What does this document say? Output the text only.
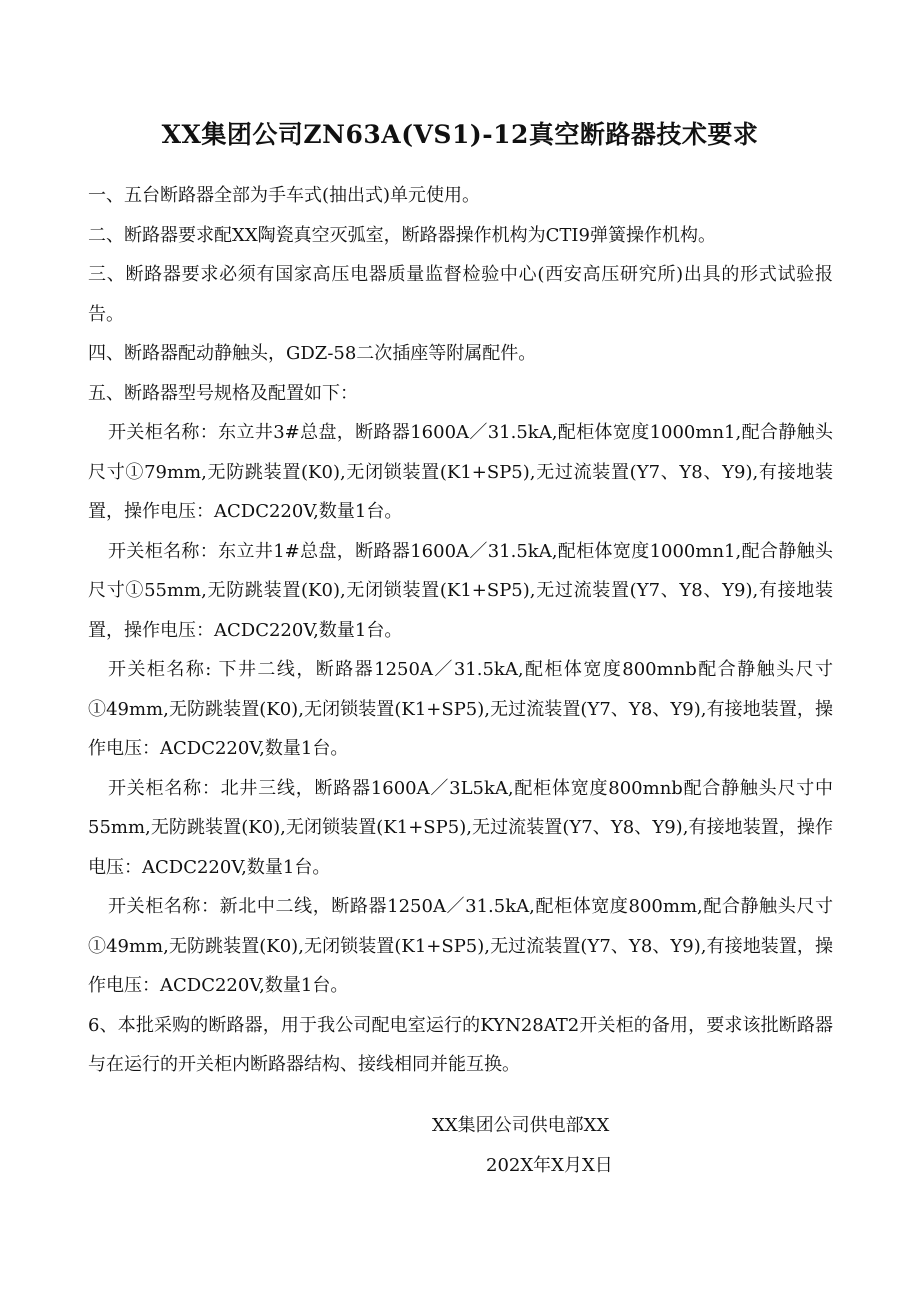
XX集团公司ZN63A(VS1)-12真空断路器技术要求

一、五台断路器全部为手车式(抽出式)单元使用。

二、断路器要求配XX陶瓷真空灭弧室，断路器操作机构为CTI9弹簧操作机构。

三、断路器要求必须有国家高压电器质量监督检验中心(西安高压研究所)出具的形式试验报告。

四、断路器配动静触头，GDZ-58二次插座等附属配件。

五、断路器型号规格及配置如下：

开关柜名称：东立井3#总盘，断路器1600A／31.5kA,配柜体宽度1000mn1,配合静触头尺寸①79mm,无防跳装置(K0),无闭锁装置(K1+SP5),无过流装置(Y7、Y8、Y9),有接地装置，操作电压：ACDC220V,数量1台。

开关柜名称：东立井1#总盘，断路器1600A／31.5kA,配柜体宽度1000mn1,配合静触头尺寸①55mm,无防跳装置(K0),无闭锁装置(K1+SP5),无过流装置(Y7、Y8、Y9),有接地装置，操作电压：ACDC220V,数量1台。

开关柜名称: 下井二线，断路器1250A／31.5kA,配柜体宽度800mnb配合静触头尺寸①49mm,无防跳装置(K0),无闭锁装置(K1+SP5),无过流装置(Y7、Y8、Y9),有接地装置，操作电压：ACDC220V,数量1台。

开关柜名称：北井三线，断路器1600A／3L5kA,配柜体宽度800mnb配合静触头尺寸中55mm,无防跳装置(K0),无闭锁装置(K1+SP5),无过流装置(Y7、Y8、Y9),有接地装置，操作电压：ACDC220V,数量1台。

开关柜名称：新北中二线，断路器1250A／31.5kA,配柜体宽度800mm,配合静触头尺寸①49mm,无防跳装置(K0),无闭锁装置(K1+SP5),无过流装置(Y7、Y8、Y9),有接地装置，操作电压：ACDC220V,数量1台。

6、本批采购的断路器，用于我公司配电室运行的KYN28AT2开关柜的备用，要求该批断路器与在运行的开关柜内断路器结构、接线相同并能互换。

XX集团公司供电部XX
202X年X月X日
